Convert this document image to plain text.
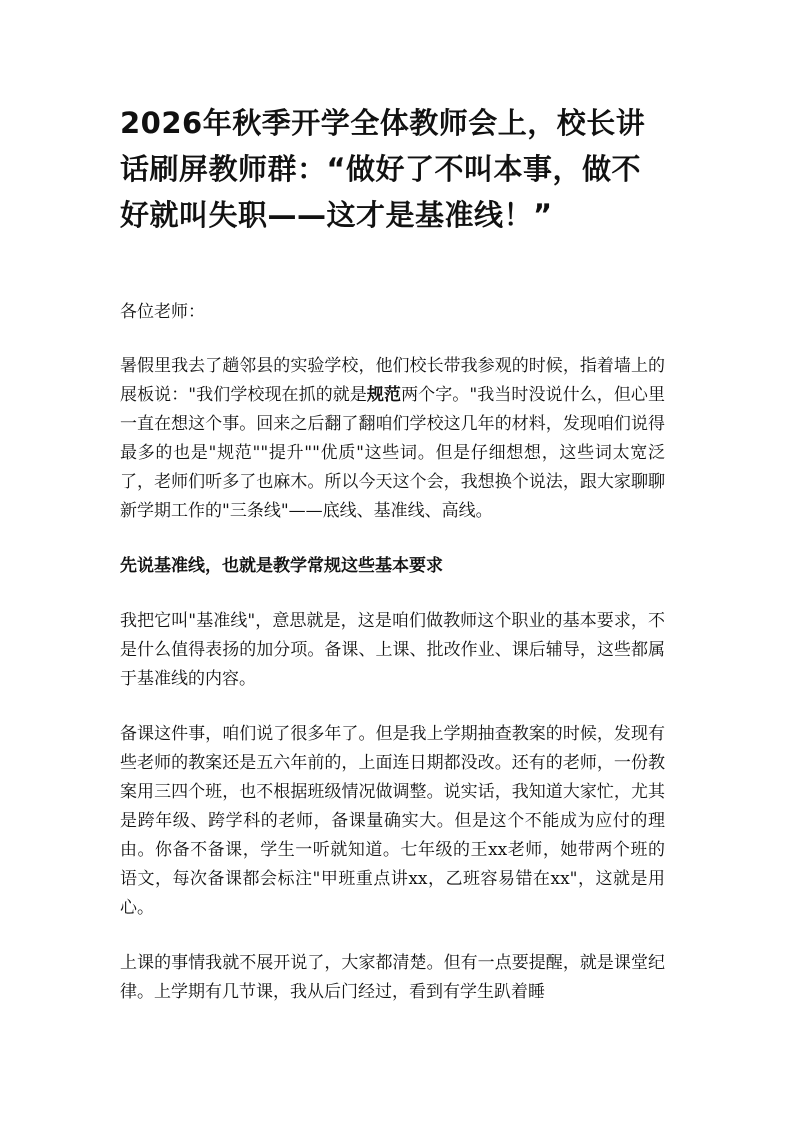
2026年秋季开学全体教师会上，校长讲话刷屏教师群：“做好了不叫本事，做不好就叫失职——这才是基准线！”

各位老师：

暑假里我去了趟邻县的实验学校，他们校长带我参观的时候，指着墙上的展板说："我们学校现在抓的就是规范两个字。"我当时没说什么，但心里一直在想这个事。回来之后翻了翻咱们学校这几年的材料，发现咱们说得最多的也是"规范""提升""优质"这些词。但是仔细想想，这些词太宽泛了，老师们听多了也麻木。所以今天这个会，我想换个说法，跟大家聊聊新学期工作的"三条线"——底线、基准线、高线。

先说基准线，也就是教学常规这些基本要求

我把它叫"基准线"，意思就是，这是咱们做教师这个职业的基本要求，不是什么值得表扬的加分项。备课、上课、批改作业、课后辅导，这些都属于基准线的内容。

备课这件事，咱们说了很多年了。但是我上学期抽查教案的时候，发现有些老师的教案还是五六年前的，上面连日期都没改。还有的老师，一份教案用三四个班，也不根据班级情况做调整。说实话，我知道大家忙，尤其是跨年级、跨学科的老师，备课量确实大。但是这个不能成为应付的理由。你备不备课，学生一听就知道。七年级的王xx老师，她带两个班的语文，每次备课都会标注"甲班重点讲xx，乙班容易错在xx"，这就是用心。

上课的事情我就不展开说了，大家都清楚。但有一点要提醒，就是课堂纪律。上学期有几节课，我从后门经过，看到有学生趴着睡
